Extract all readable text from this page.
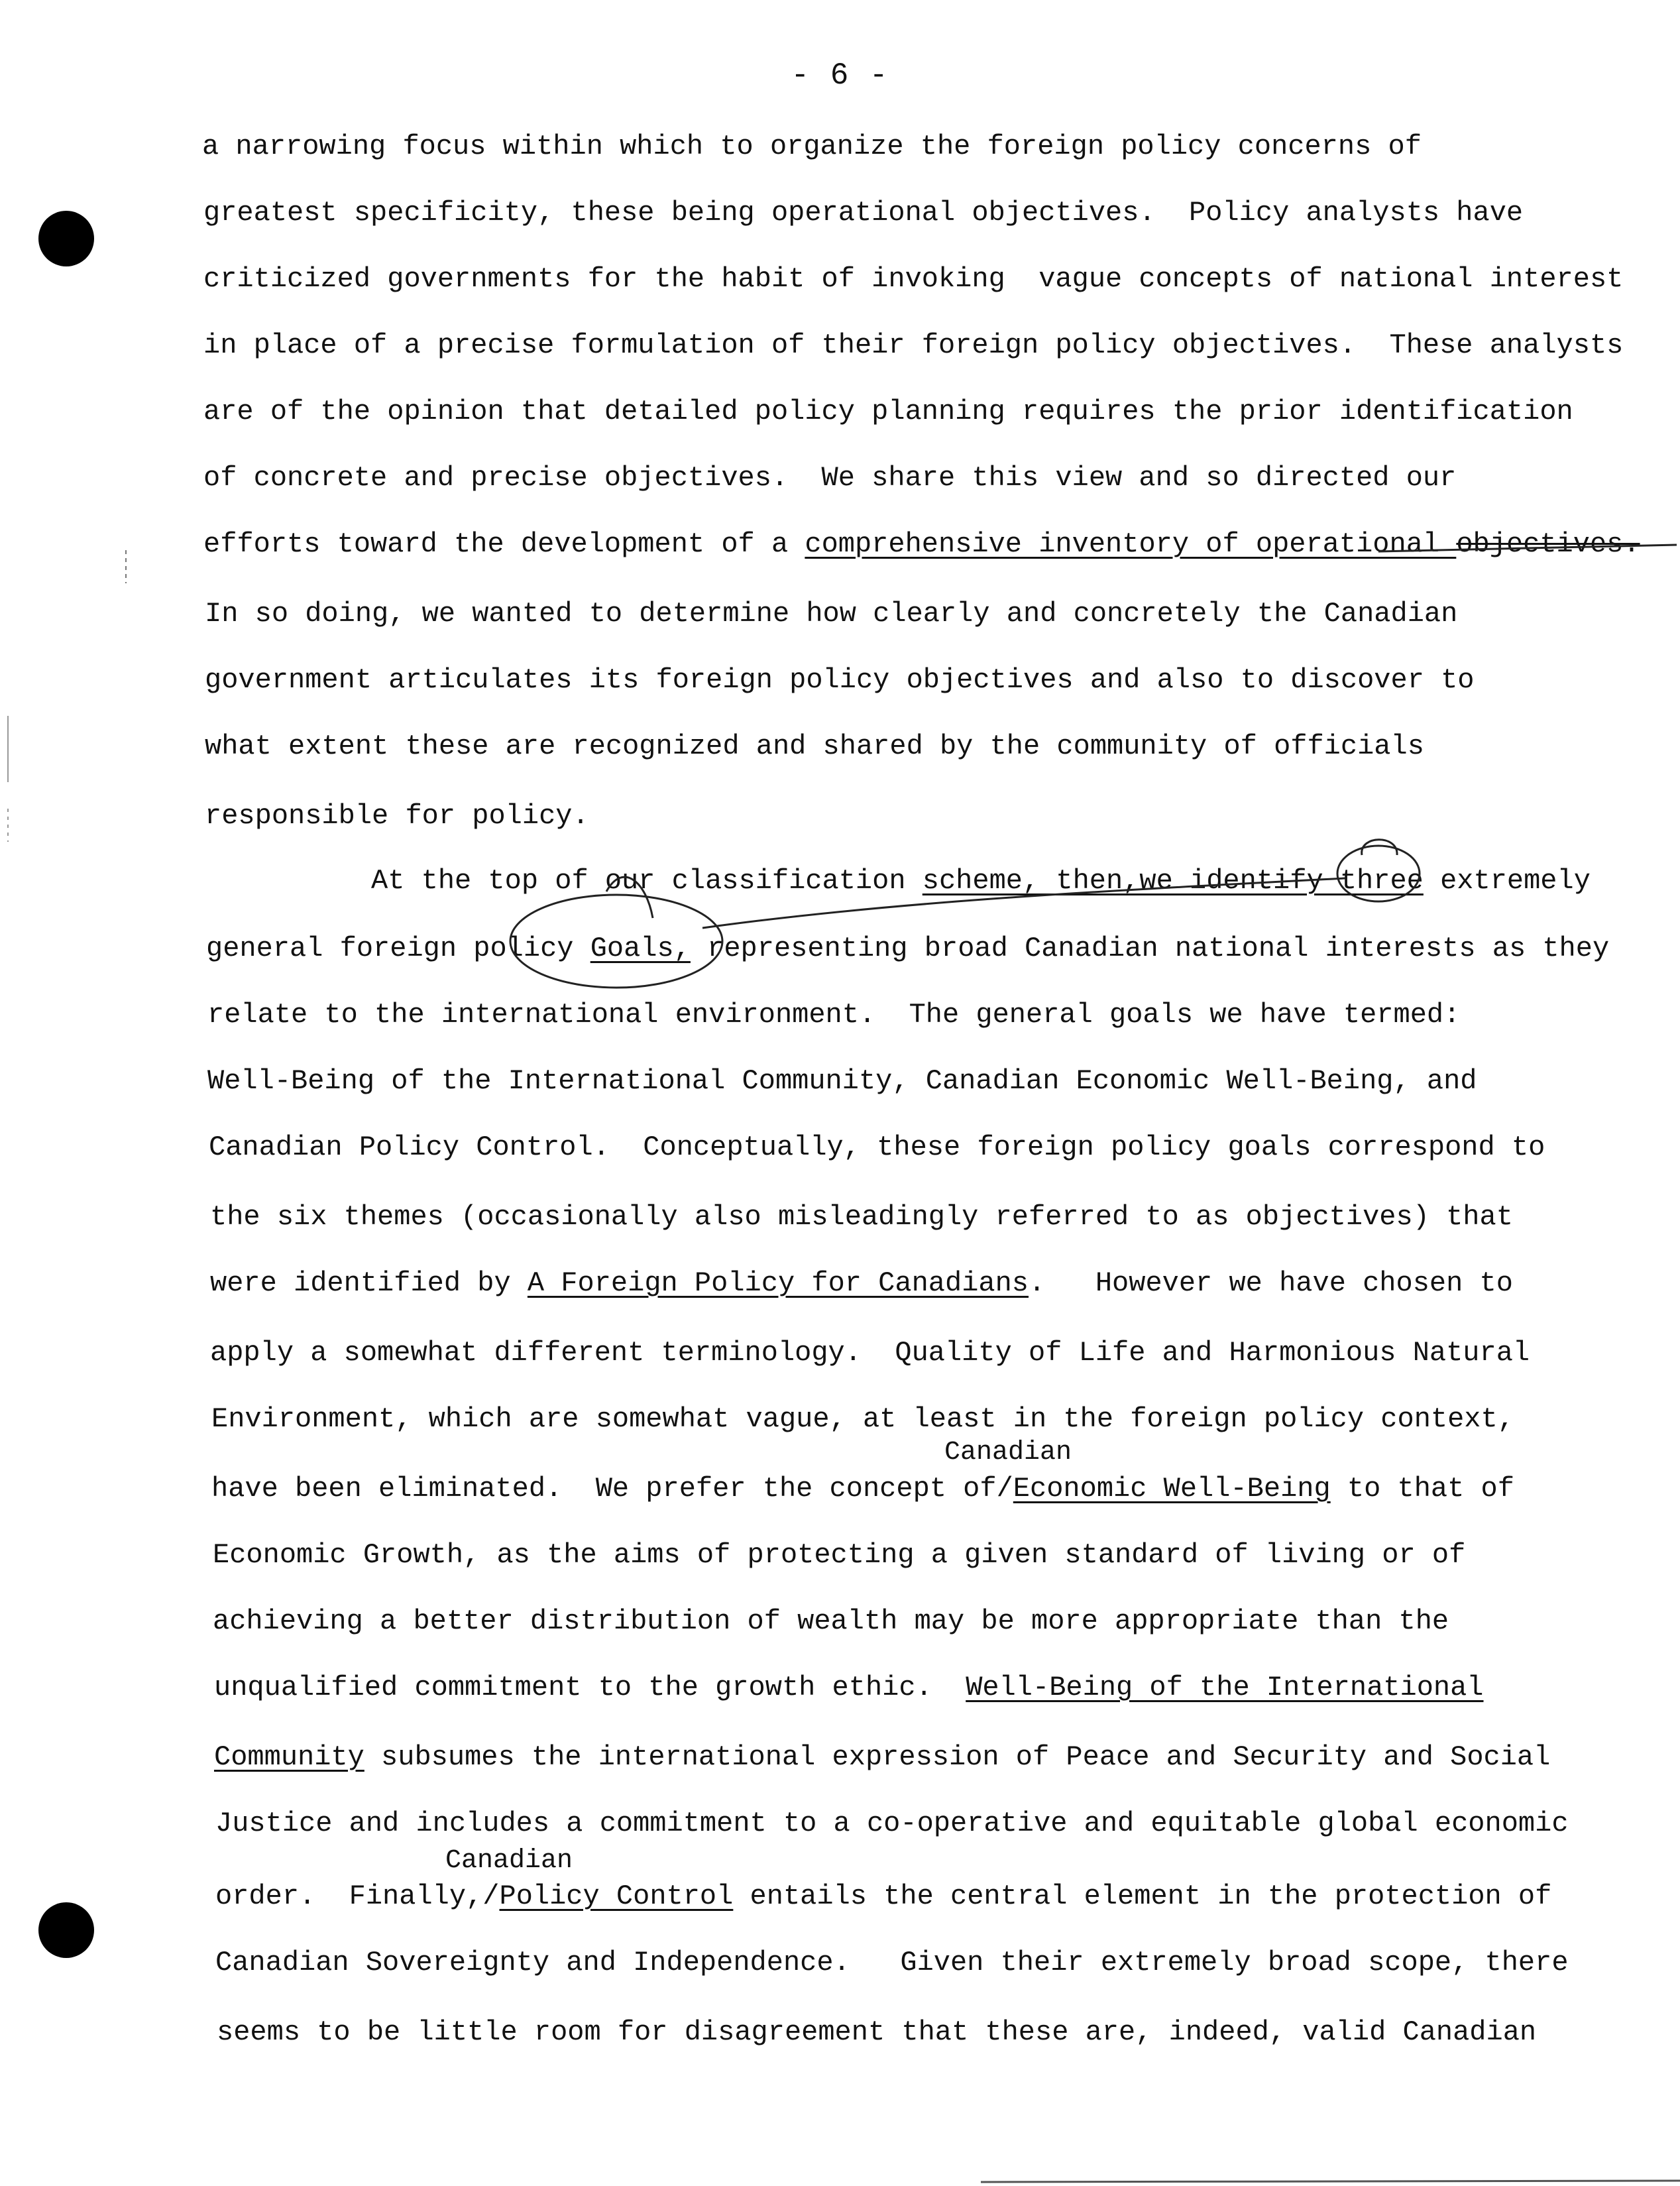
- 6 -
a narrowing focus within which to organize the foreign policy concerns of
greatest specificity, these being operational objectives.  Policy analysts have
criticized governments for the habit of invoking  vague concepts of national interest
in place of a precise formulation of their foreign policy objectives.  These analysts
are of the opinion that detailed policy planning requires the prior identification
of concrete and precise objectives.  We share this view and so directed our
efforts toward the development of a comprehensive inventory of operational objectives.
In so doing, we wanted to determine how clearly and concretely the Canadian
government articulates its foreign policy objectives and also to discover to
what extent these are recognized and shared by the community of officials
responsible for policy.
At the top of our classification scheme, then,we identify three extremely
general foreign policy Goals, representing broad Canadian national interests as they
relate to the international environment.  The general goals we have termed:
Well-Being of the International Community, Canadian Economic Well-Being, and
Canadian Policy Control.  Conceptually, these foreign policy goals correspond to
the six themes (occasionally also misleadingly referred to as objectives) that
were identified by A Foreign Policy for Canadians.   However we have chosen to
apply a somewhat different terminology.  Quality of Life and Harmonious Natural
Environment, which are somewhat vague, at least in the foreign policy context,
Canadian
have been eliminated.  We prefer the concept of/Economic Well-Being to that of
Economic Growth, as the aims of protecting a given standard of living or of
achieving a better distribution of wealth may be more appropriate than the
unqualified commitment to the growth ethic.  Well-Being of the International
Community subsumes the international expression of Peace and Security and Social
Justice and includes a commitment to a co-operative and equitable global economic
Canadian
order.  Finally,/Policy Control entails the central element in the protection of
Canadian Sovereignty and Independence.   Given their extremely broad scope, there
seems to be little room for disagreement that these are, indeed, valid Canadian
